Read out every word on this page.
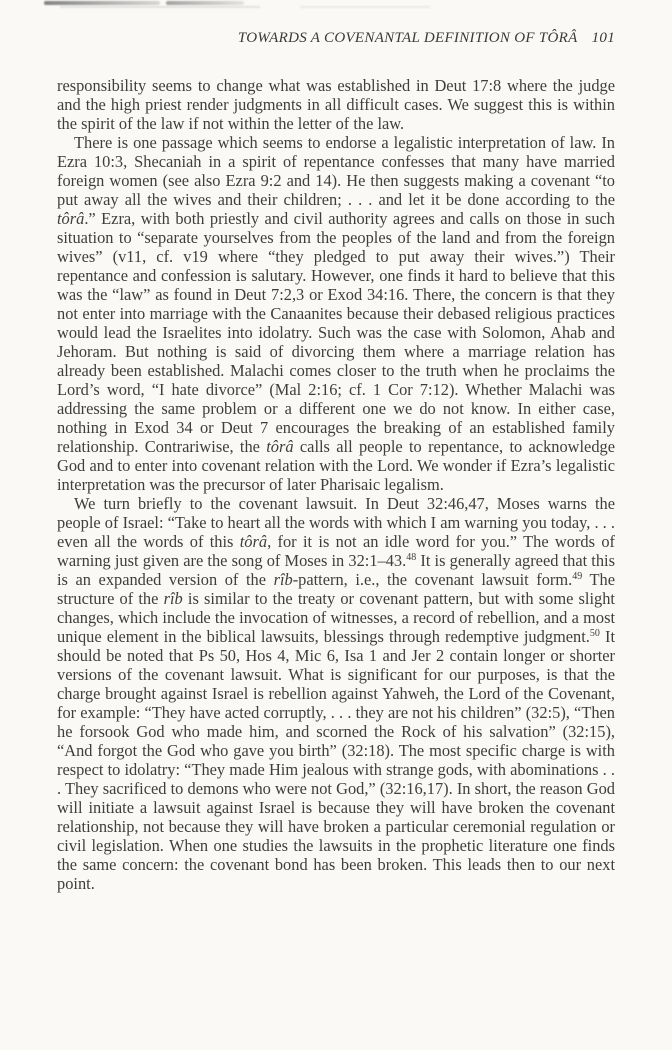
TOWARDS A COVENANTAL DEFINITION OF TÔRÂ 101

responsibility seems to change what was established in Deut 17:8 where the judge and the high priest render judgments in all difficult cases. We suggest this is within the spirit of the law if not within the letter of the law.

There is one passage which seems to endorse a legalistic interpretation of law. In Ezra 10:3, Shecaniah in a spirit of repentance confesses that many have married foreign women (see also Ezra 9:2 and 14). He then suggests making a covenant “to put away all the wives and their children; . . . and let it be done according to the tôrâ.” Ezra, with both priestly and civil authority agrees and calls on those in such situation to “separate yourselves from the peoples of the land and from the foreign wives” (v11, cf. v19 where “they pledged to put away their wives.”) Their repentance and confession is salutary. However, one finds it hard to believe that this was the “law” as found in Deut 7:2,3 or Exod 34:16. There, the concern is that they not enter into marriage with the Canaanites because their debased religious practices would lead the Israelites into idolatry. Such was the case with Solomon, Ahab and Jehoram. But nothing is said of divorcing them where a marriage relation has already been established. Malachi comes closer to the truth when he proclaims the Lord’s word, “I hate divorce” (Mal 2:16; cf. 1 Cor 7:12). Whether Malachi was addressing the same problem or a different one we do not know. In either case, nothing in Exod 34 or Deut 7 encourages the breaking of an established family relationship. Contrariwise, the tôrâ calls all people to repentance, to acknowledge God and to enter into covenant relation with the Lord. We wonder if Ezra’s legalistic interpretation was the precursor of later Pharisaic legalism.

We turn briefly to the covenant lawsuit. In Deut 32:46,47, Moses warns the people of Israel: “Take to heart all the words with which I am warning you today, . . . even all the words of this tôrâ, for it is not an idle word for you.” The words of warning just given are the song of Moses in 32:1–43.48 It is generally agreed that this is an expanded version of the rîb-pattern, i.e., the covenant lawsuit form.$^{49}$ The structure of the rîb is similar to the treaty or covenant pattern, but with some slight changes, which include the invocation of witnesses, a record of rebellion, and a most unique element in the biblical lawsuits, blessings through redemptive judgment.$^{50}$ It should be noted that Ps 50, Hos 4, Mic 6, Isa 1 and Jer 2 contain longer or shorter versions of the covenant lawsuit. What is significant for our purposes, is that the charge brought against Israel is rebellion against Yahweh, the Lord of the Covenant, for example: “They have acted corruptly, . . . they are not his children” (32:5), “Then he forsook God who made him, and scorned the Rock of his salvation” (32:15), “And forgot the God who gave you birth” (32:18). The most specific charge is with respect to idolatry: “They made Him jealous with strange gods, with abominations . . . They sacrificed to demons who were not God,” (32:16,17). In short, the reason God will initiate a lawsuit against Israel is because they will have broken the covenant relationship, not because they will have broken a particular ceremonial regulation or civil legislation. When one studies the lawsuits in the prophetic literature one finds the same concern: the covenant bond has been broken. This leads then to our next point.
